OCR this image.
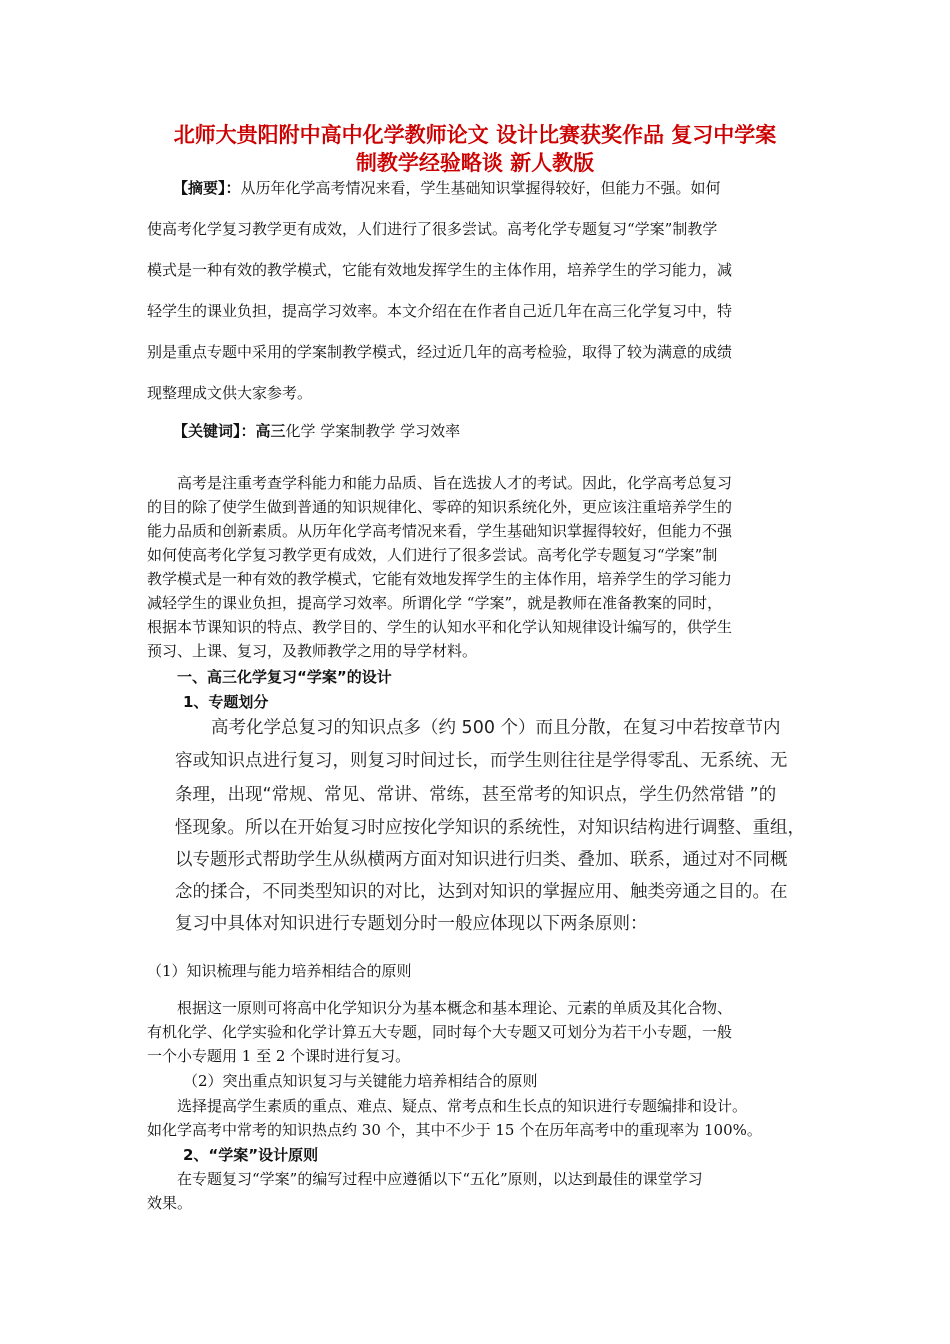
北师大贵阳附中高中化学教师论文 设计比赛获奖作品 复习中学案
制教学经验略谈 新人教版
【摘要】：从历年化学高考情况来看，学生基础知识掌握得较好，但能力不强。如何
使高考化学复习教学更有成效，人们进行了很多尝试。高考化学专题复习“学案”制教学
模式是一种有效的教学模式，它能有效地发挥学生的主体作用，培养学生的学习能力，减
轻学生的课业负担，提高学习效率。本文介绍在在作者自己近几年在高三化学复习中，特
别是重点专题中采用的学案制教学模式，经过近几年的高考检验，取得了较为满意的成绩
现整理成文供大家参考。
【关键词】：高三化学 学案制教学 学习效率
高考是注重考查学科能力和能力品质、旨在选拔人才的考试。因此，化学高考总复习
的目的除了使学生做到普通的知识规律化、零碎的知识系统化外，更应该注重培养学生的
能力品质和创新素质。从历年化学高考情况来看，学生基础知识掌握得较好，但能力不强
如何使高考化学复习教学更有成效，人们进行了很多尝试。高考化学专题复习“学案”制
教学模式是一种有效的教学模式，它能有效地发挥学生的主体作用，培养学生的学习能力
减轻学生的课业负担，提高学习效率。所谓化学 “学案”，就是教师在准备教案的同时，
根据本节课知识的特点、教学目的、学生的认知水平和化学认知规律设计编写的，供学生
预习、上课、复习，及教师教学之用的导学材料。
一、高三化学复习“学案”的设计
1、专题划分
高考化学总复习的知识点多（约 500 个）而且分散，在复习中若按章节内
容或知识点进行复习，则复习时间过长，而学生则往往是学得零乱、无系统、无
条理，出现“常规、常见、常讲、常练，甚至常考的知识点，学生仍然常错 ”的
怪现象。所以在开始复习时应按化学知识的系统性，对知识结构进行调整、重组，
以专题形式帮助学生从纵横两方面对知识进行归类、叠加、联系，通过对不同概
念的揉合，不同类型知识的对比，达到对知识的掌握应用、触类旁通之目的。在
复习中具体对知识进行专题划分时一般应体现以下两条原则：
（1）知识梳理与能力培养相结合的原则
根据这一原则可将高中化学知识分为基本概念和基本理论、元素的单质及其化合物、
有机化学、化学实验和化学计算五大专题，同时每个大专题又可划分为若干小专题，一般
一个小专题用 1 至 2 个课时进行复习。
（2）突出重点知识复习与关键能力培养相结合的原则
选择提高学生素质的重点、难点、疑点、常考点和生长点的知识进行专题编排和设计。
如化学高考中常考的知识热点约 30 个，其中不少于 15 个在历年高考中的重现率为 100%。
2、“学案”设计原则
在专题复习“学案”的编写过程中应遵循以下“五化”原则，以达到最佳的课堂学习
效果。
